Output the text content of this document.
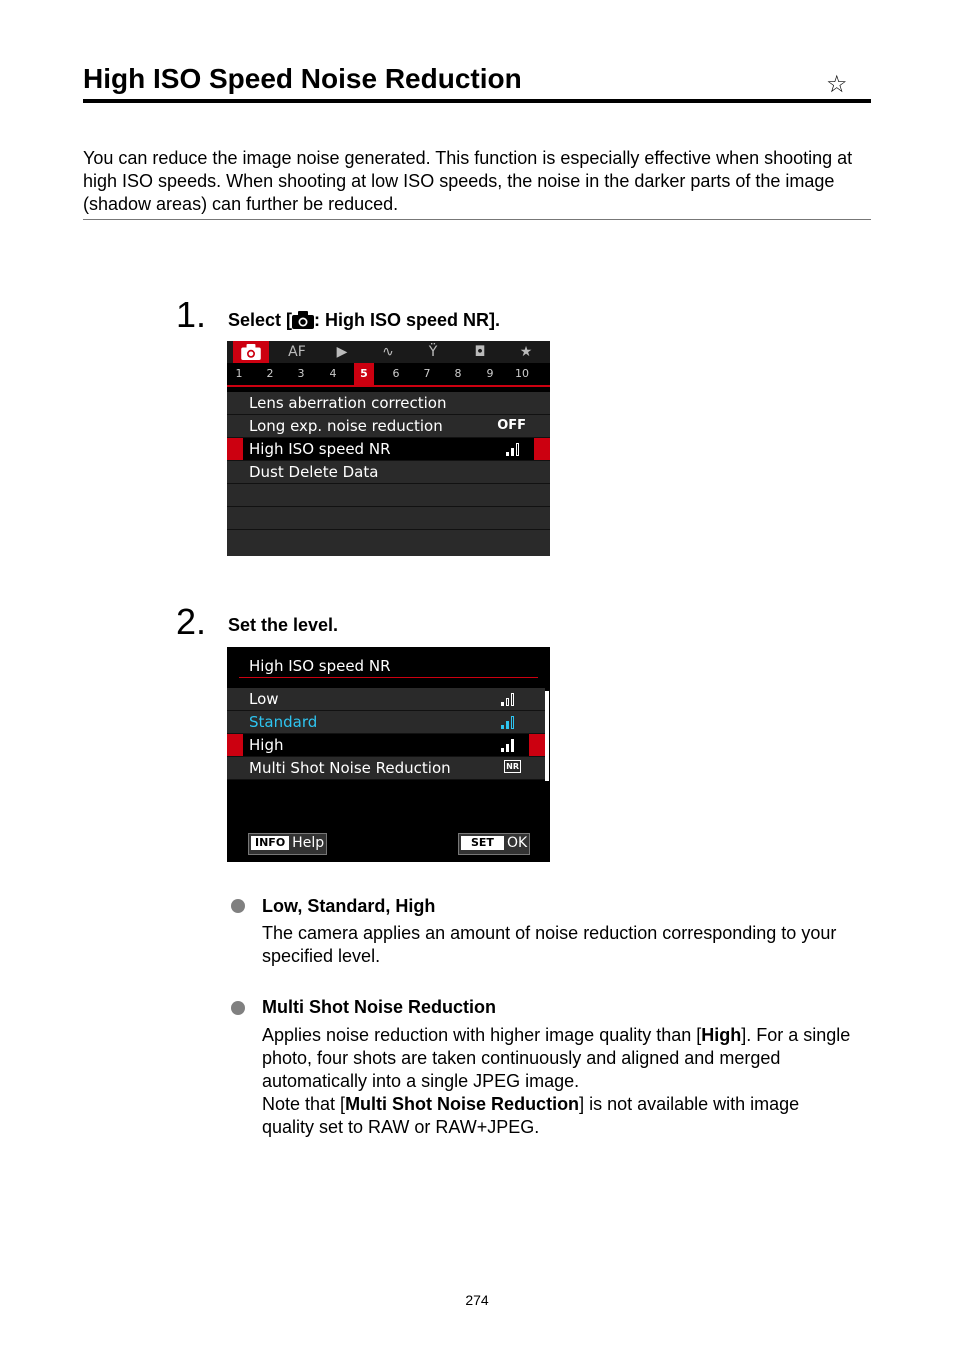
High ISO Speed Noise Reduction	☆

You can reduce the image noise generated. This function is especially effective when shooting at high ISO speeds. When shooting at low ISO speeds, the noise in the darker parts of the image (shadow areas) can further be reduced.

1. Select [ : High ISO speed NR].
AF	▶	∿	Ÿ	◘	★
1	2	3	4	5	6	7	8	9	10
Lens aberration correction
Long exp. noise reduction	OFF
High ISO speed NR
Dust Delete Data
2. Set the level.
High ISO speed NR
Low
Standard
High
Multi Shot Noise Reduction	NR
INFO Help	SET OK
Low, Standard, High

The camera applies an amount of noise reduction corresponding to your specified level.

Multi Shot Noise Reduction

Applies noise reduction with higher image quality than [High]. For a single photo, four shots are taken continuously and aligned and merged automatically into a single JPEG image.
Note that [Multi Shot Noise Reduction] is not available with image quality set to RAW or RAW+JPEG.

274
